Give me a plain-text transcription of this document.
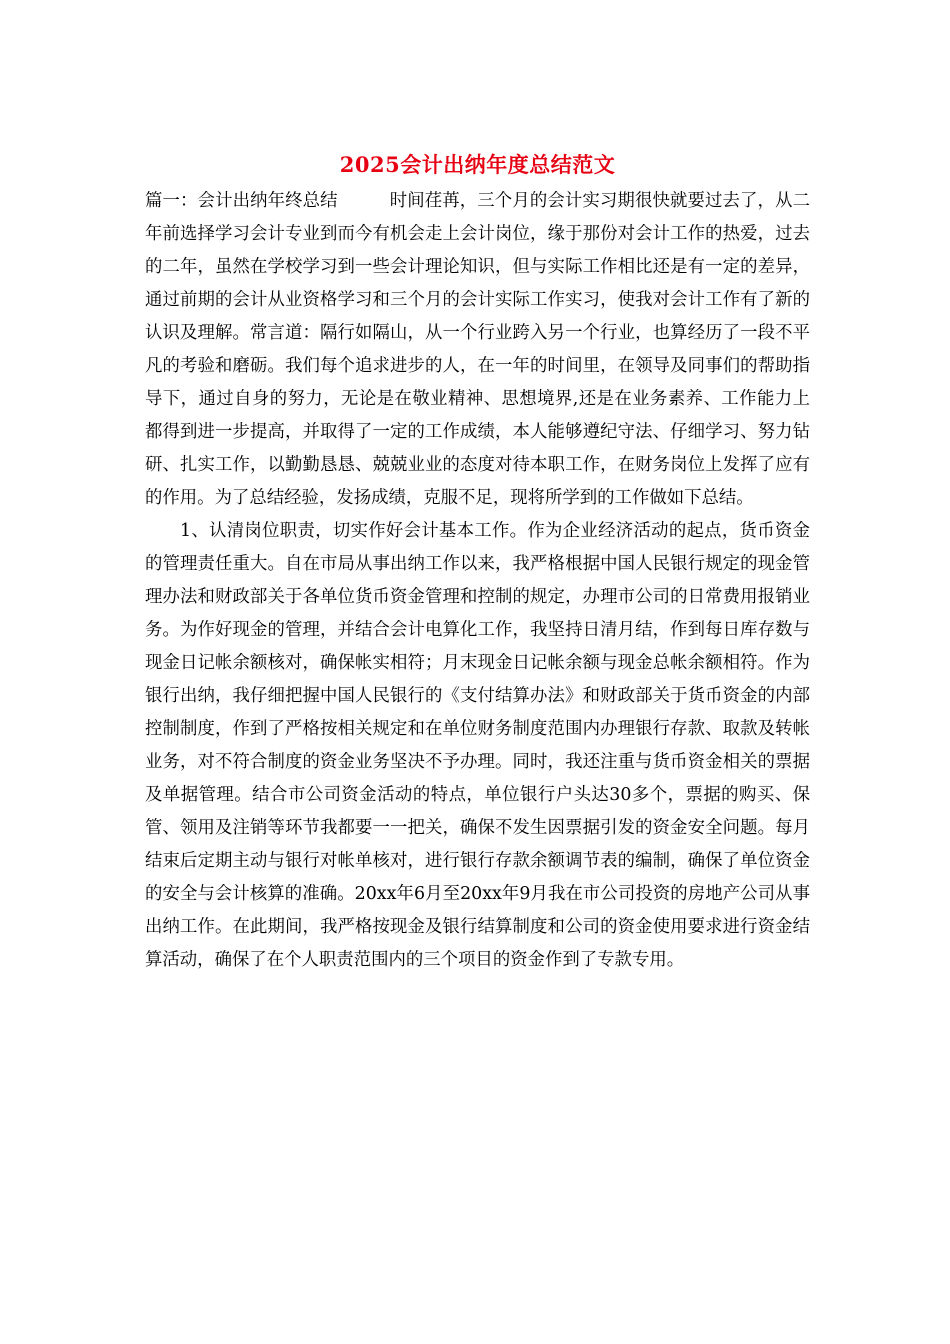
2025会计出纳年度总结范文

篇一：会计出纳年终总结	时间荏苒，三个月的会计实习期很快就要过去了，从二年前选择学习会计专业到而今有机会走上会计岗位，缘于那份对会计工作的热爱，过去的二年，虽然在学校学习到一些会计理论知识，但与实际工作相比还是有一定的差异，通过前期的会计从业资格学习和三个月的会计实际工作实习，使我对会计工作有了新的认识及理解。常言道：隔行如隔山，从一个行业跨入另一个行业，也算经历了一段不平凡的考验和磨砺。我们每个追求进步的人，在一年的时间里，在领导及同事们的帮助指导下，通过自身的努力，无论是在敬业精神、思想境界,还是在业务素养、工作能力上都得到进一步提高，并取得了一定的工作成绩，本人能够遵纪守法、仔细学习、努力钻研、扎实工作，以勤勤恳恳、兢兢业业的态度对待本职工作，在财务岗位上发挥了应有的作用。为了总结经验，发扬成绩，克服不足，现将所学到的工作做如下总结。

1、认清岗位职责，切实作好会计基本工作。作为企业经济活动的起点，货币资金的管理责任重大。自在市局从事出纳工作以来，我严格根据中国人民银行规定的现金管理办法和财政部关于各单位货币资金管理和控制的规定，办理市公司的日常费用报销业务。为作好现金的管理，并结合会计电算化工作，我坚持日清月结，作到每日库存数与现金日记帐余额核对，确保帐实相符；月末现金日记帐余额与现金总帐余额相符。作为银行出纳，我仔细把握中国人民银行的《支付结算办法》和财政部关于货币资金的内部控制制度，作到了严格按相关规定和在单位财务制度范围内办理银行存款、取款及转帐业务，对不符合制度的资金业务坚决不予办理。同时，我还注重与货币资金相关的票据及单据管理。结合市公司资金活动的特点，单位银行户头达30多个，票据的购买、保管、领用及注销等环节我都要一一把关，确保不发生因票据引发的资金安全问题。每月结束后定期主动与银行对帐单核对，进行银行存款余额调节表的编制，确保了单位资金的安全与会计核算的准确。20xx年6月至20xx年9月我在市公司投资的房地产公司从事出纳工作。在此期间，我严格按现金及银行结算制度和公司的资金使用要求进行资金结算活动，确保了在个人职责范围内的三个项目的资金作到了专款专用。
